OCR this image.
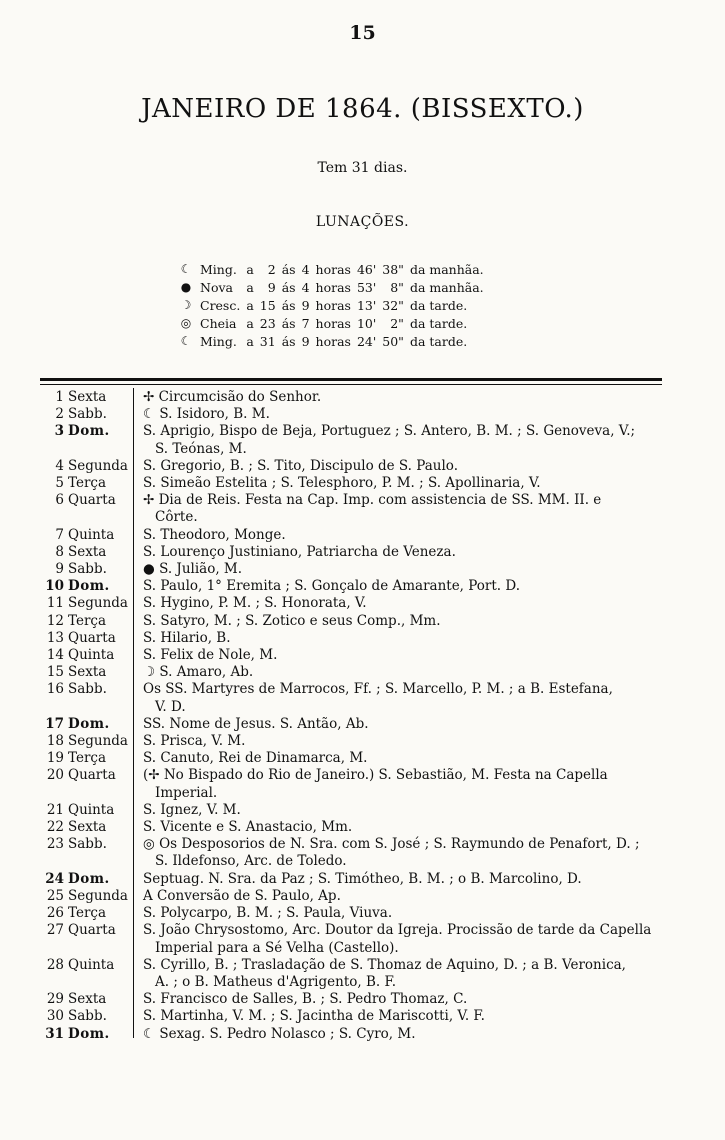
15
JANEIRO DE 1864. (BISSEXTO.)
Tem 31 dias.
LUNAÇÕES.
☾	Ming.	a	2	ás	4	horas	46'	38"	da manhãa.
●	Nova	a	9	ás	4	horas	53'	8"	da manhãa.
☽	Cresc.	a	15	ás	9	horas	13'	32"	da tarde.
◎	Cheia	a	23	ás	7	horas	10'	2"	da tarde.
☾	Ming.	a	31	ás	9	horas	24'	50"	da tarde.
1 Sexta	✢ Circumcisão do Senhor.
2 Sabb.	☾ S. Isidoro, B. M.
3 Dom.	S. Aprigio, Bispo de Beja, Portuguez ; S. Antero, B. M. ; S. Genoveva, V.;
S. Teónas, M.
4 Segunda	S. Gregorio, B. ; S. Tito, Discipulo de S. Paulo.
5 Terça	S. Simeão Estelita ; S. Telesphoro, P. M. ; S. Apollinaria, V.
6 Quarta	✢ Dia de Reis. Festa na Cap. Imp. com assistencia de SS. MM. II. e
Côrte.
7 Quinta	S. Theodoro, Monge.
8 Sexta	S. Lourenço Justiniano, Patriarcha de Veneza.
9 Sabb.	● S. Julião, M.
10 Dom.	S. Paulo, 1° Eremita ; S. Gonçalo de Amarante, Port. D.
11 Segunda	S. Hygino, P. M. ; S. Honorata, V.
12 Terça	S. Satyro, M. ; S. Zotico e seus Comp., Mm.
13 Quarta	S. Hilario, B.
14 Quinta	S. Felix de Nole, M.
15 Sexta	☽ S. Amaro, Ab.
16 Sabb.	Os SS. Martyres de Marrocos, Ff. ; S. Marcello, P. M. ; a B. Estefana,
V. D.
17 Dom.	SS. Nome de Jesus. S. Antão, Ab.
18 Segunda	S. Prisca, V. M.
19 Terça	S. Canuto, Rei de Dinamarca, M.
20 Quarta	(✢ No Bispado do Rio de Janeiro.) S. Sebastião, M. Festa na Capella
Imperial.
21 Quinta	S. Ignez, V. M.
22 Sexta	S. Vicente e S. Anastacio, Mm.
23 Sabb.	◎ Os Desposorios de N. Sra. com S. José ; S. Raymundo de Penafort, D. ;
S. Ildefonso, Arc. de Toledo.
24 Dom.	Septuag. N. Sra. da Paz ; S. Timótheo, B. M. ; o B. Marcolino, D.
25 Segunda	A Conversão de S. Paulo, Ap.
26 Terça	S. Polycarpo, B. M. ; S. Paula, Viuva.
27 Quarta	S. João Chrysostomo, Arc. Doutor da Igreja. Procissão de tarde da Capella
Imperial para a Sé Velha (Castello).
28 Quinta	S. Cyrillo, B. ; Trasladação de S. Thomaz de Aquino, D. ; a B. Veronica,
A. ; o B. Matheus d'Agrigento, B. F.
29 Sexta	S. Francisco de Salles, B. ; S. Pedro Thomaz, C.
30 Sabb.	S. Martinha, V. M. ; S. Jacintha de Mariscotti, V. F.
31 Dom.	☾ Sexag. S. Pedro Nolasco ; S. Cyro, M.
